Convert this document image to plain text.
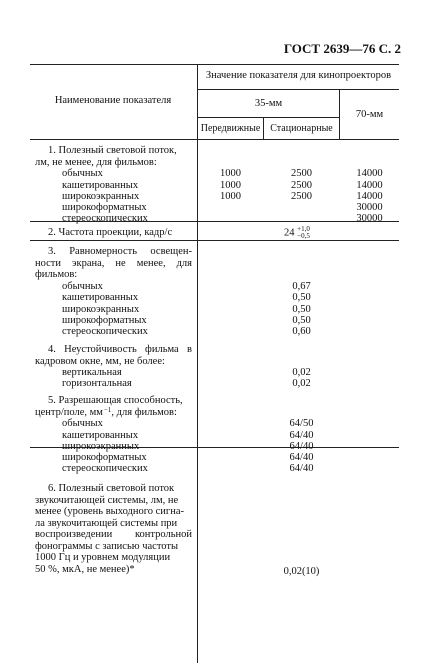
ГОСТ 2639—76 С. 2
Наименование показателя
Значение показателя для кинопроекторов
35-мм
Передвижные Стационарные
70-мм
1. Полезный световой поток,
лм, не менее, для фильмов:
обычных
кашетированных
широкоэкранных
широкоформатных
стереоскопических
1000
1000
1000
2500
2500
2500
14000
14000
14000
30000
30000
2. Частота проекции, кадр/с	24 +1,0
−0,5
3. Равномерность освещен-
ности экрана, не менее, для
фильмов:
обычных
кашетированных
широкоэкранных
широкоформатных
стереоскопических
0,67
0,50
0,50
0,50
0,60
4. Неустойчивость фильма в
кадровом окне, мм, не более:
вертикальная
горизонтальная
0,02
0,02
5. Разрешающая способность,
центр/поле, мм−1, для фильмов:
обычных
кашетированных
широкоэкранных
широкоформатных
стереоскопических
64/50
64/40
64/40
64/40
64/40
6. Полезный световой поток
звукочитающей системы, лм, не
менее (уровень выходного сигна-
ла звукочитающей системы при
воспроизведении контрольной
фонограммы с записью частоты
1000 Гц и уровнем модуляции
50 %, мкА, не менее)*	0,02(10)
